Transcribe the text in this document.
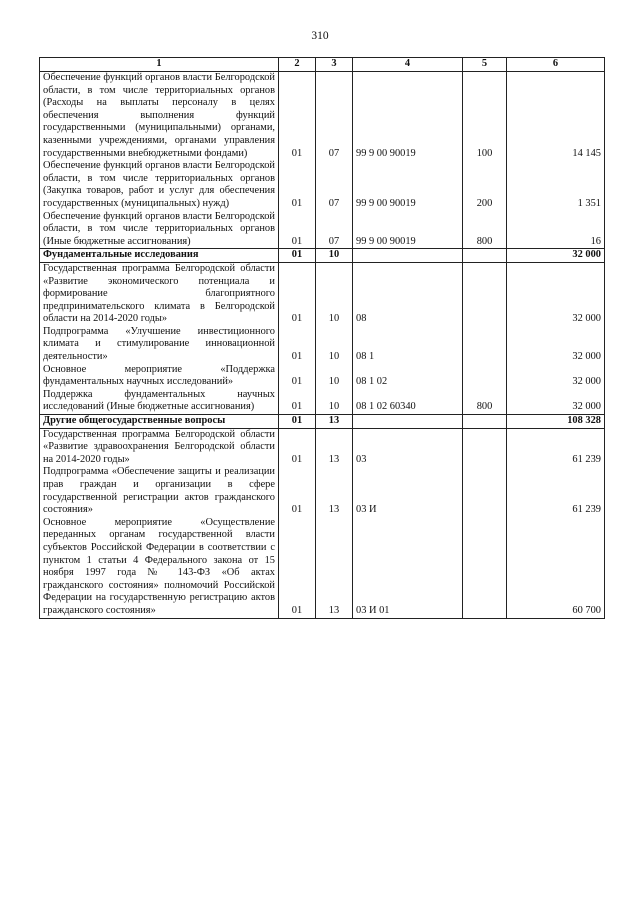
310
1	2	3	4	5	6
Обеспечение функций органов власти Белгородской области, в том числе территориальных органов (Расходы на выплаты персоналу в целях обеспечения выполнения функций государственными (муниципальными) органами, казенными учреждениями, органами управления государственными внебюджетными фондами)	01	07	99 9 00 90019	100	14 145
Обеспечение функций органов власти Белгородской области, в том числе территориальных органов (Закупка товаров, работ и услуг для обеспечения государственных (муниципальных) нужд)	01	07	99 9 00 90019	200	1 351
Обеспечение функций органов власти Белгородской области, в том числе территориальных органов (Иные бюджетные ассигнования)	01	07	99 9 00 90019	800	16
Фундаментальные исследования	01	10			32 000
Государственная программа Белгородской области «Развитие экономического потенциала и формирование благоприятного предпринимательского климата в Белгородской области на 2014-2020 годы»	01	10	08		32 000
Подпрограмма «Улучшение инвестиционного климата и стимулирование инновационной деятельности»	01	10	08 1		32 000
Основное мероприятие «Поддержка фундаментальных научных исследований»	01	10	08 1 02		32 000
Поддержка фундаментальных научных исследований (Иные бюджетные ассигнования)	01	10	08 1 02 60340	800	32 000
Другие общегосударственные вопросы	01	13			108 328
Государственная программа Белгородской области «Развитие здравоохранения Белгородской области на 2014-2020 годы»	01	13	03		61 239
Подпрограмма «Обеспечение защиты и реализации прав граждан и организации в сфере государственной регистрации актов гражданского состояния»	01	13	03 И		61 239
Основное мероприятие «Осуществление переданных органам государственной власти субъектов Российской Федерации в соответствии с пунктом 1 статьи 4 Федерального закона от 15 ноября 1997 года № 143-ФЗ «Об актах гражданского состояния» полномочий Российской Федерации на государственную регистрацию актов гражданского состояния»	01	13	03 И 01		60 700
